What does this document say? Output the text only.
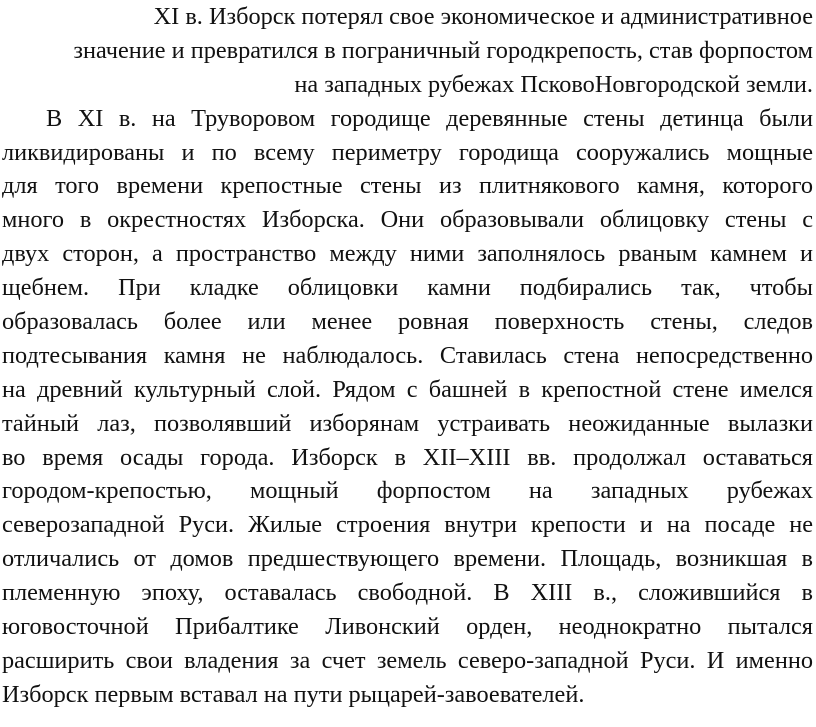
XI в. Изборск потерял свое экономическое и административное
значение и превратился в пограничный городкрепость, став форпостом
на западных рубежах ПсковоНовгородской земли.
В XI в. на Труворовом городище деревянные стены детинца были
ликвидированы и по всему периметру городища сооружались мощные
для того времени крепостные стены из плитнякового камня, которого
много в окрестностях Изборска. Они образовывали облицовку стены с
двух сторон, а пространство между ними заполнялось рваным камнем и
щебнем. При кладке облицовки камни подбирались так, чтобы
образовалась более или менее ровная поверхность стены, следов
подтесывания камня не наблюдалось. Ставилась стена непосредственно
на древний культурный слой. Рядом с башней в крепостной стене имелся
тайный лаз, позволявший изборянам устраивать неожиданные вылазки
во время осады города. Изборск в XII–XIII вв. продолжал оставаться
городом-крепостью, мощный форпостом на западных рубежах
северозападной Руси. Жилые строения внутри крепости и на посаде не
отличались от домов предшествующего времени. Площадь, возникшая в
племенную эпоху, оставалась свободной. В XIII в., сложившийся в
юговосточной Прибалтике Ливонский орден, неоднократно пытался
расширить свои владения за счет земель северо-западной Руси. И именно
Изборск первым вставал на пути рыцарей-завоевателей.
